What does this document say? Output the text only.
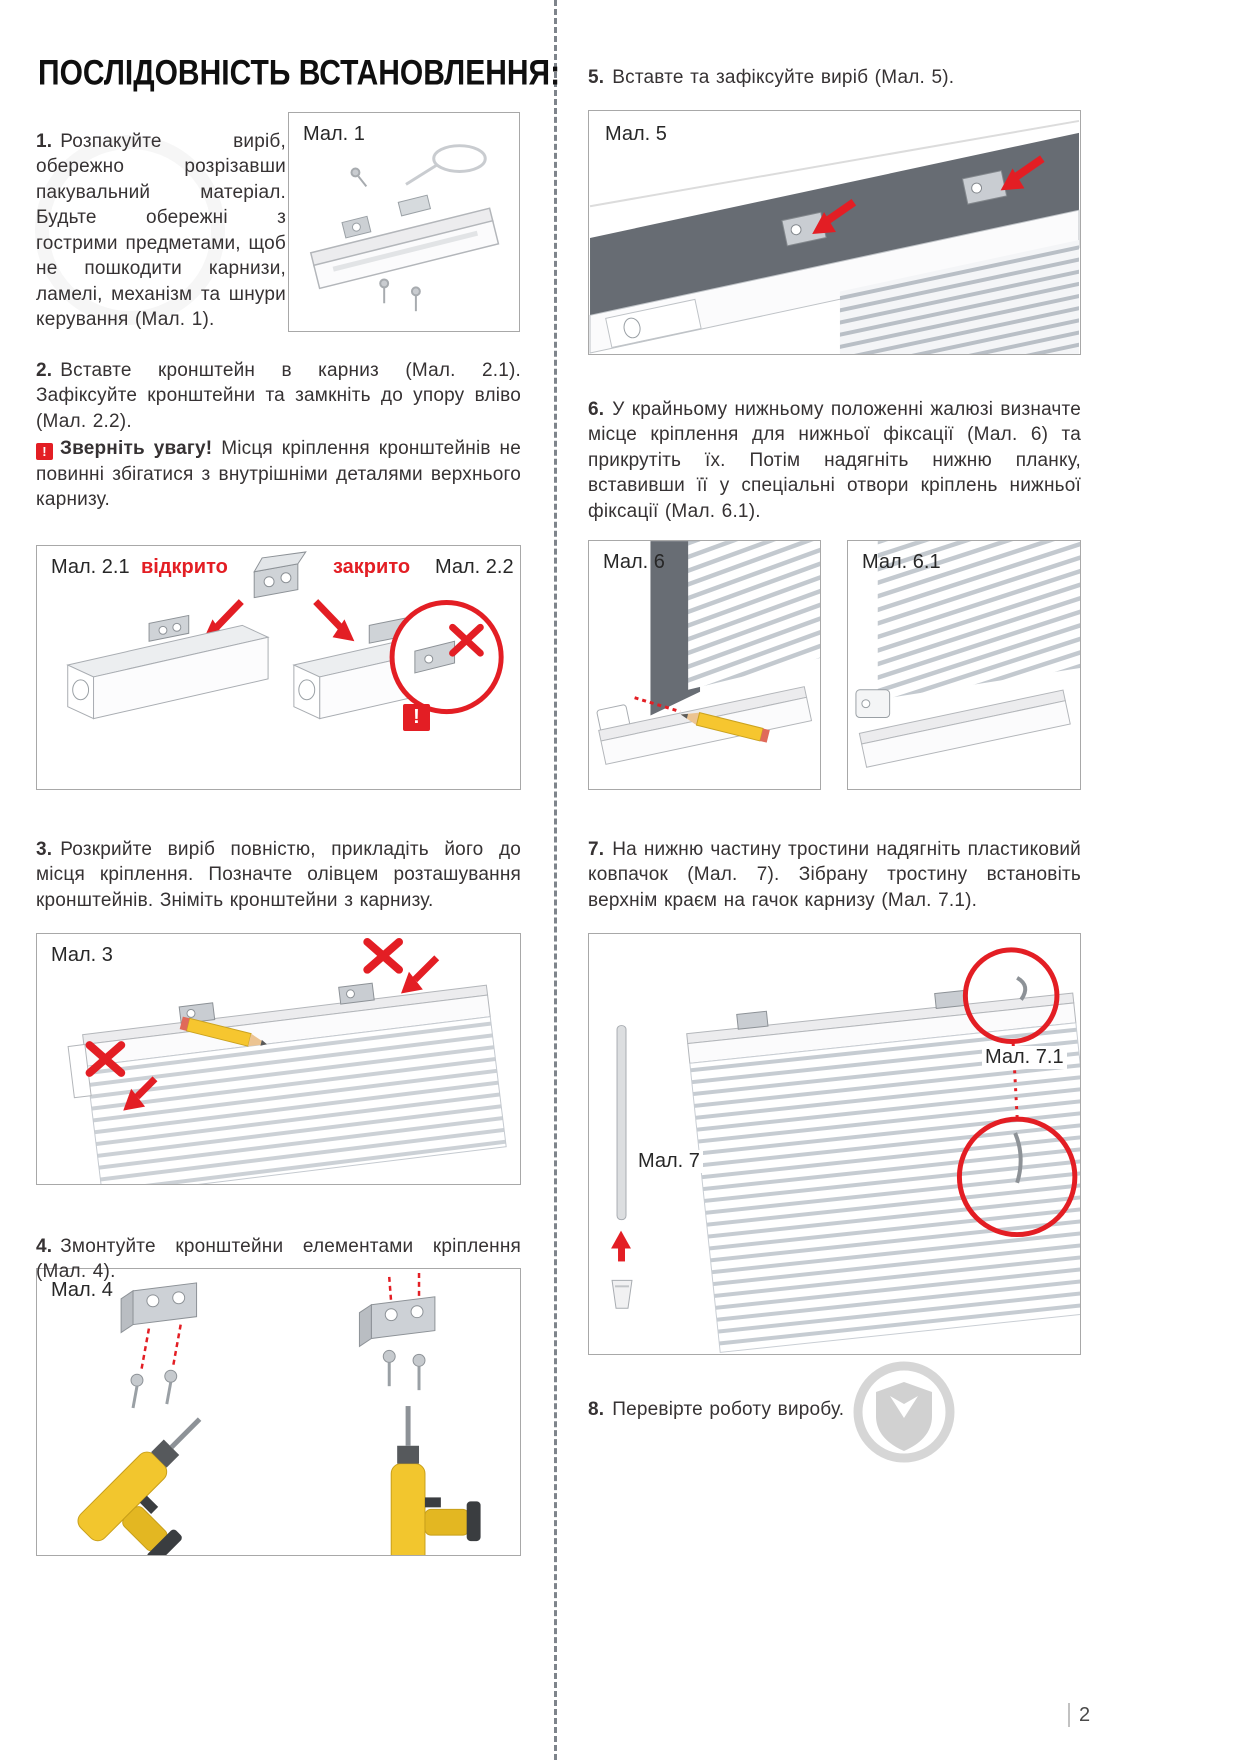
ПОСЛІДОВНІСТЬ ВСТАНОВЛЕННЯ:

1. Розпакуйте виріб, обережно розрізавши пакувальний матеріал. Будьте обережні з гострими предметами, щоб не пошкодити карнизи, ламелі, механізм та шнури керування (Мал. 1).

Мал. 1

2. Вставте кронштейн в карниз (Мал. 2.1). Зафіксуйте кронштейни та замкніть до упору вліво (Мал. 2.2).

! Зверніть увагу! Місця кріплення кронштейнів не повинні збігатися з внутрішніми деталями верхнього карнизу.

Мал. 2.1 відкрито	закрито Мал. 2.2
!

3. Розкрийте виріб повністю, прикладіть його до місця кріплення. Позначте олівцем розташування кронштейнів. Зніміть кронштейни з карнизу.

Мал. 3

4. Змонтуйте кронштейни елементами кріплення (Мал. 4).

Мал. 4

5. Вставте та зафіксуйте виріб (Мал. 5).

Мал. 5

6. У крайньому нижньому положенні жалюзі визначте місце кріплення для нижньої фіксації (Мал. 6) та прикрутіть їх. Потім надягніть нижню планку, вставивши її у спеціальні отвори кріплень нижньої фіксації (Мал. 6.1).

Мал. 6	Мал. 6.1

7. На нижню частину тростини надягніть пластиковий ковпачок (Мал. 7). Зібрану тростину встановіть верхнім краєм на гачок карнизу (Мал. 7.1).

Мал. 7.1
Мал. 7

8. Перевірте роботу виробу.

2
